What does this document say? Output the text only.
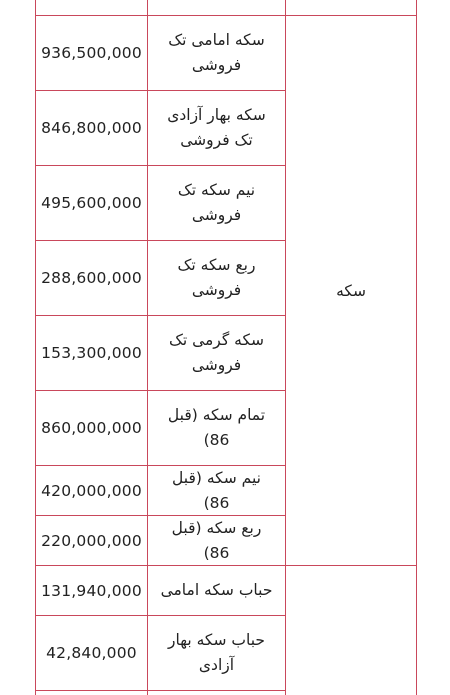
936,500,000
سکه امامی تک فروشی
846,800,000
سکه بهار آزادی تک فروشی
495,600,000
نیم سکه تک فروشی
288,600,000
ربع سکه تک فروشی
153,300,000
سکه گرمی تک فروشی
860,000,000
تمام سکه (قبل 86)
420,000,000
نیم سکه (قبل 86)
220,000,000
ربع سکه (قبل 86)
131,940,000 حباب سکه امامی
42,840,000
حباب سکه بهار آزادی
سکه
